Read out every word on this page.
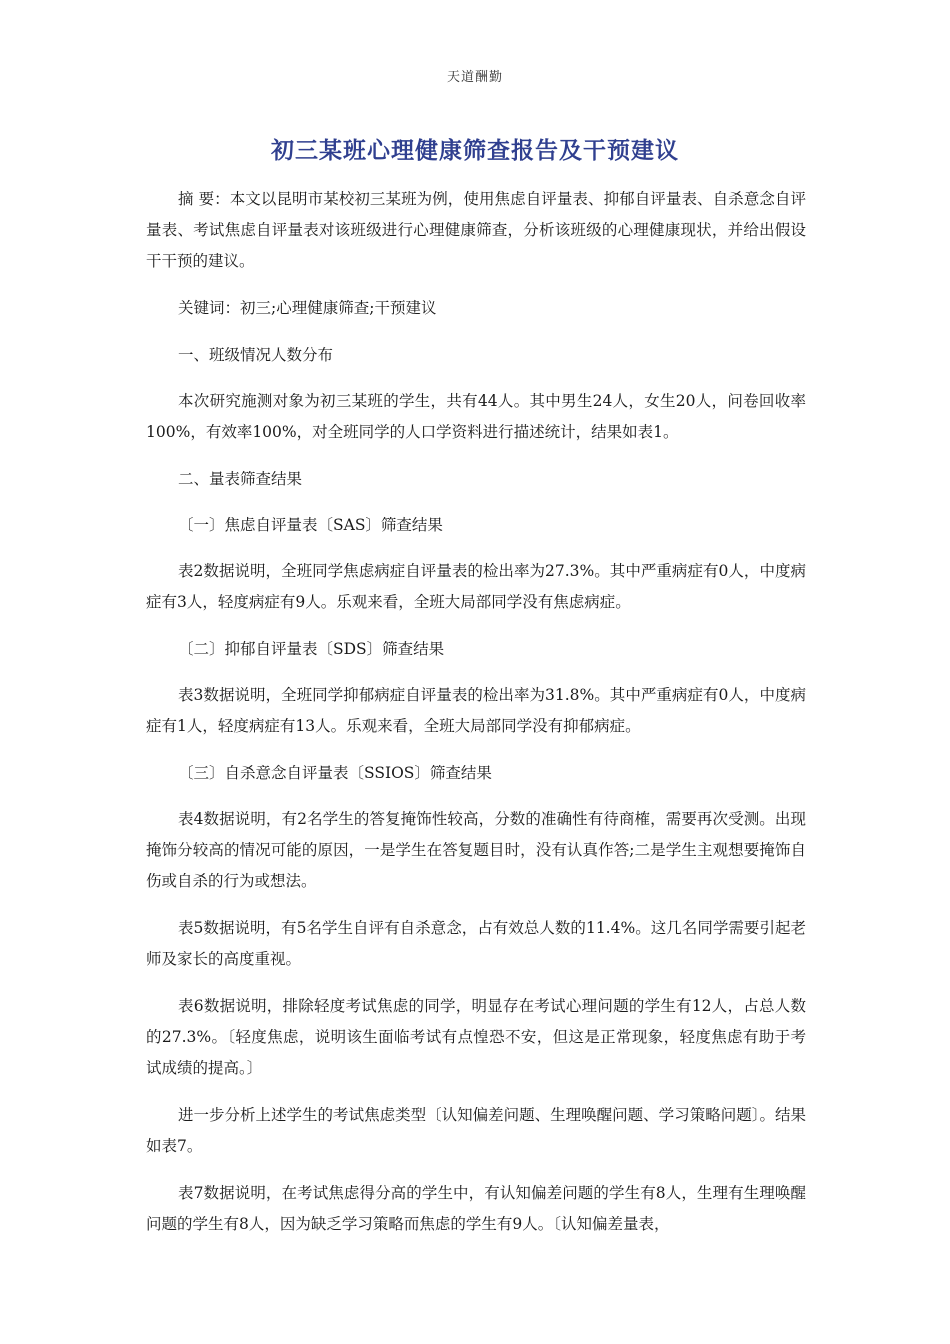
天道酬勤
初三某班心理健康筛查报告及干预建议

摘 要：本文以昆明市某校初三某班为例，使用焦虑自评量表、抑郁自评量表、自杀意念自评量表、考试焦虑自评量表对该班级进行心理健康筛查，分析该班级的心理健康现状，并给出假设干干预的建议。

关键词：初三;心理健康筛查;干预建议

一、班级情况人数分布

本次研究施测对象为初三某班的学生，共有44人。其中男生24人，女生20人，问卷回收率100%，有效率100%，对全班同学的人口学资料进行描述统计，结果如表1。

二、量表筛查结果

〔一〕焦虑自评量表〔SAS〕筛查结果

表2数据说明，全班同学焦虑病症自评量表的检出率为27.3%。其中严重病症有0人，中度病症有3人，轻度病症有9人。乐观来看，全班大局部同学没有焦虑病症。

〔二〕抑郁自评量表〔SDS〕筛查结果

表3数据说明，全班同学抑郁病症自评量表的检出率为31.8%。其中严重病症有0人，中度病症有1人，轻度病症有13人。乐观来看，全班大局部同学没有抑郁病症。

〔三〕自杀意念自评量表〔SSIOS〕筛查结果

表4数据说明，有2名学生的答复掩饰性较高，分数的准确性有待商榷，需要再次受测。出现掩饰分较高的情况可能的原因，一是学生在答复题目时，没有认真作答;二是学生主观想要掩饰自伤或自杀的行为或想法。

表5数据说明，有5名学生自评有自杀意念，占有效总人数的11.4%。这几名同学需要引起老师及家长的高度重视。

表6数据说明，排除轻度考试焦虑的同学，明显存在考试心理问题的学生有12人，占总人数的27.3%。〔轻度焦虑，说明该生面临考试有点惶恐不安，但这是正常现象，轻度焦虑有助于考试成绩的提高。〕

进一步分析上述学生的考试焦虑类型〔认知偏差问题、生理唤醒问题、学习策略问题〕。结果如表7。

表7数据说明，在考试焦虑得分高的学生中，有认知偏差问题的学生有8人，生理有生理唤醒问题的学生有8人，因为缺乏学习策略而焦虑的学生有9人。〔认知偏差量表，
